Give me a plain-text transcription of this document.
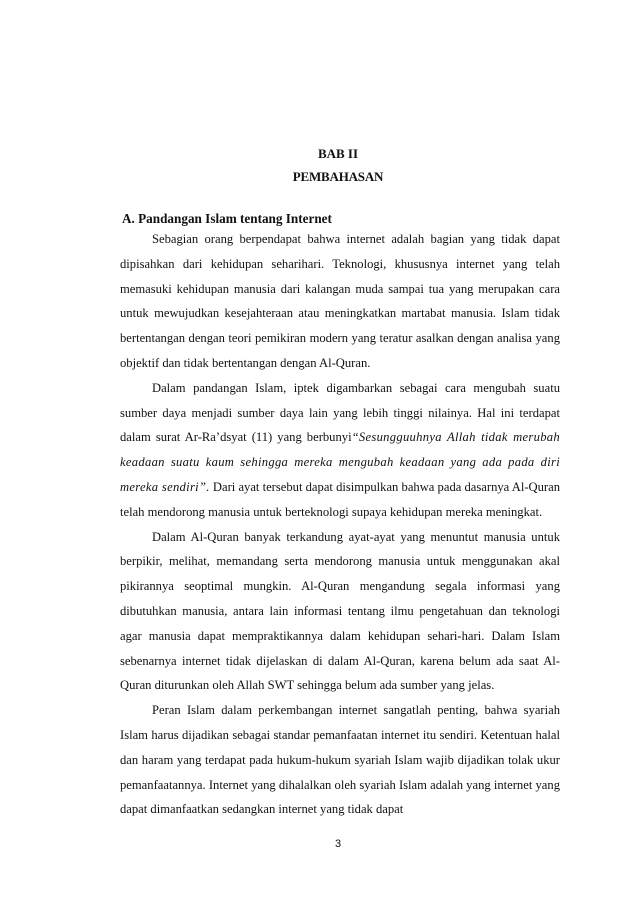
BAB II
PEMBAHASAN
A. Pandangan Islam tentang Internet

Sebagian orang berpendapat bahwa internet adalah bagian yang tidak dapat dipisahkan dari kehidupan seharihari. Teknologi, khususnya internet yang telah memasuki kehidupan manusia dari kalangan muda sampai tua yang merupakan cara untuk mewujudkan kesejahteraan atau meningkatkan martabat manusia. Islam tidak bertentangan dengan teori pemikiran modern yang teratur asalkan dengan analisa yang objektif dan tidak bertentangan dengan Al-Quran.

Dalam pandangan Islam, iptek digambarkan sebagai cara mengubah suatu sumber daya menjadi sumber daya lain yang lebih tinggi nilainya. Hal ini terdapat dalam surat Ar-Ra’dsyat (11) yang berbunyi“Sesungguuhnya Allah tidak merubah keadaan suatu kaum sehingga mereka mengubah keadaan yang ada pada diri mereka sendiri”. Dari ayat tersebut dapat disimpulkan bahwa pada dasarnya Al-Quran telah mendorong manusia untuk berteknologi supaya kehidupan mereka meningkat.

Dalam Al-Quran banyak terkandung ayat-ayat yang menuntut manusia untuk berpikir, melihat, memandang serta mendorong manusia untuk menggunakan akal pikirannya seoptimal mungkin. Al-Quran mengandung segala informasi yang dibutuhkan manusia, antara lain informasi tentang ilmu pengetahuan dan teknologi agar manusia dapat mempraktikannya dalam kehidupan sehari-hari. Dalam Islam sebenarnya internet tidak dijelaskan di dalam Al-Quran, karena belum ada saat Al-Quran diturunkan oleh Allah SWT sehingga belum ada sumber yang jelas.

Peran Islam dalam perkembangan internet sangatlah penting, bahwa syariah Islam harus dijadikan sebagai standar pemanfaatan internet itu sendiri. Ketentuan halal dan haram yang terdapat pada hukum-hukum syariah Islam wajib dijadikan tolak ukur pemanfaatannya. Internet yang dihalalkan oleh syariah Islam adalah yang internet yang dapat dimanfaatkan sedangkan internet yang tidak dapat

3
